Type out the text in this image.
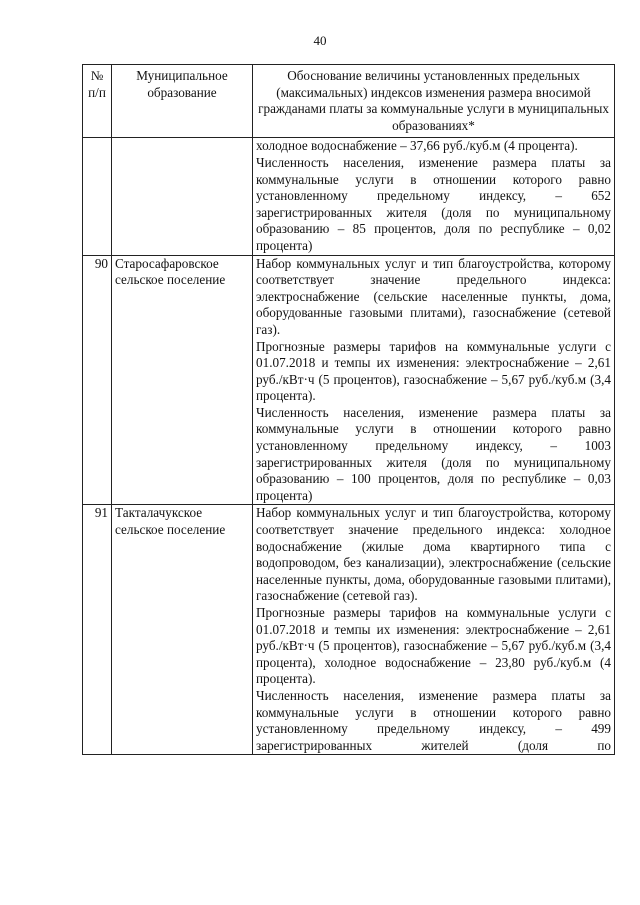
40
№ п/п	Муниципальное образование	Обоснование величины установленных предельных (максимальных) индексов изменения размера вносимой гражданами платы за коммунальные услуги в муниципальных образованиях*

		холодное водоснабжение – 37,66 руб./куб.м (4 процента).

Численность населения, изменение размера платы за коммунальные услуги в отношении которого равно установленному предельному индексу, – 652 зарегистрированных жителя (доля по муниципальному образованию – 85 процентов, доля по республике – 0,02 процента)

90	Старосафаровское сельское поселение	Набор коммунальных услуг и тип благоустройства, которому соответствует значение предельного индекса: электроснабжение (сельские населенные пункты, дома, оборудованные газовыми плитами), газоснабжение (сетевой газ).

Прогнозные размеры тарифов на коммунальные услуги с 01.07.2018 и темпы их изменения: электроснабжение – 2,61 руб./кВт·ч (5 процентов), газоснабжение – 5,67 руб./куб.м (3,4 процента).

Численность населения, изменение размера платы за коммунальные услуги в отношении которого равно установленному предельному индексу, – 1003 зарегистрированных жителя (доля по муниципальному образованию – 100 процентов, доля по республике – 0,03 процента)

91	Такталачукское сельское поселение	Набор коммунальных услуг и тип благоустройства, которому соответствует значение предельного индекса: холодное водоснабжение (жилые дома квартирного типа с водопроводом, без канализации), электроснабжение (сельские населенные пункты, дома, оборудованные газовыми плитами), газоснабжение (сетевой газ).

Прогнозные размеры тарифов на коммунальные услуги с 01.07.2018 и темпы их изменения: электроснабжение – 2,61 руб./кВт·ч (5 процентов), газоснабжение – 5,67 руб./куб.м (3,4 процента), холодное водоснабжение – 23,80 руб./куб.м (4 процента).

Численность населения, изменение размера платы за коммунальные услуги в отношении которого равно установленному предельному индексу, – 499 зарегистрированных жителей (доля по
